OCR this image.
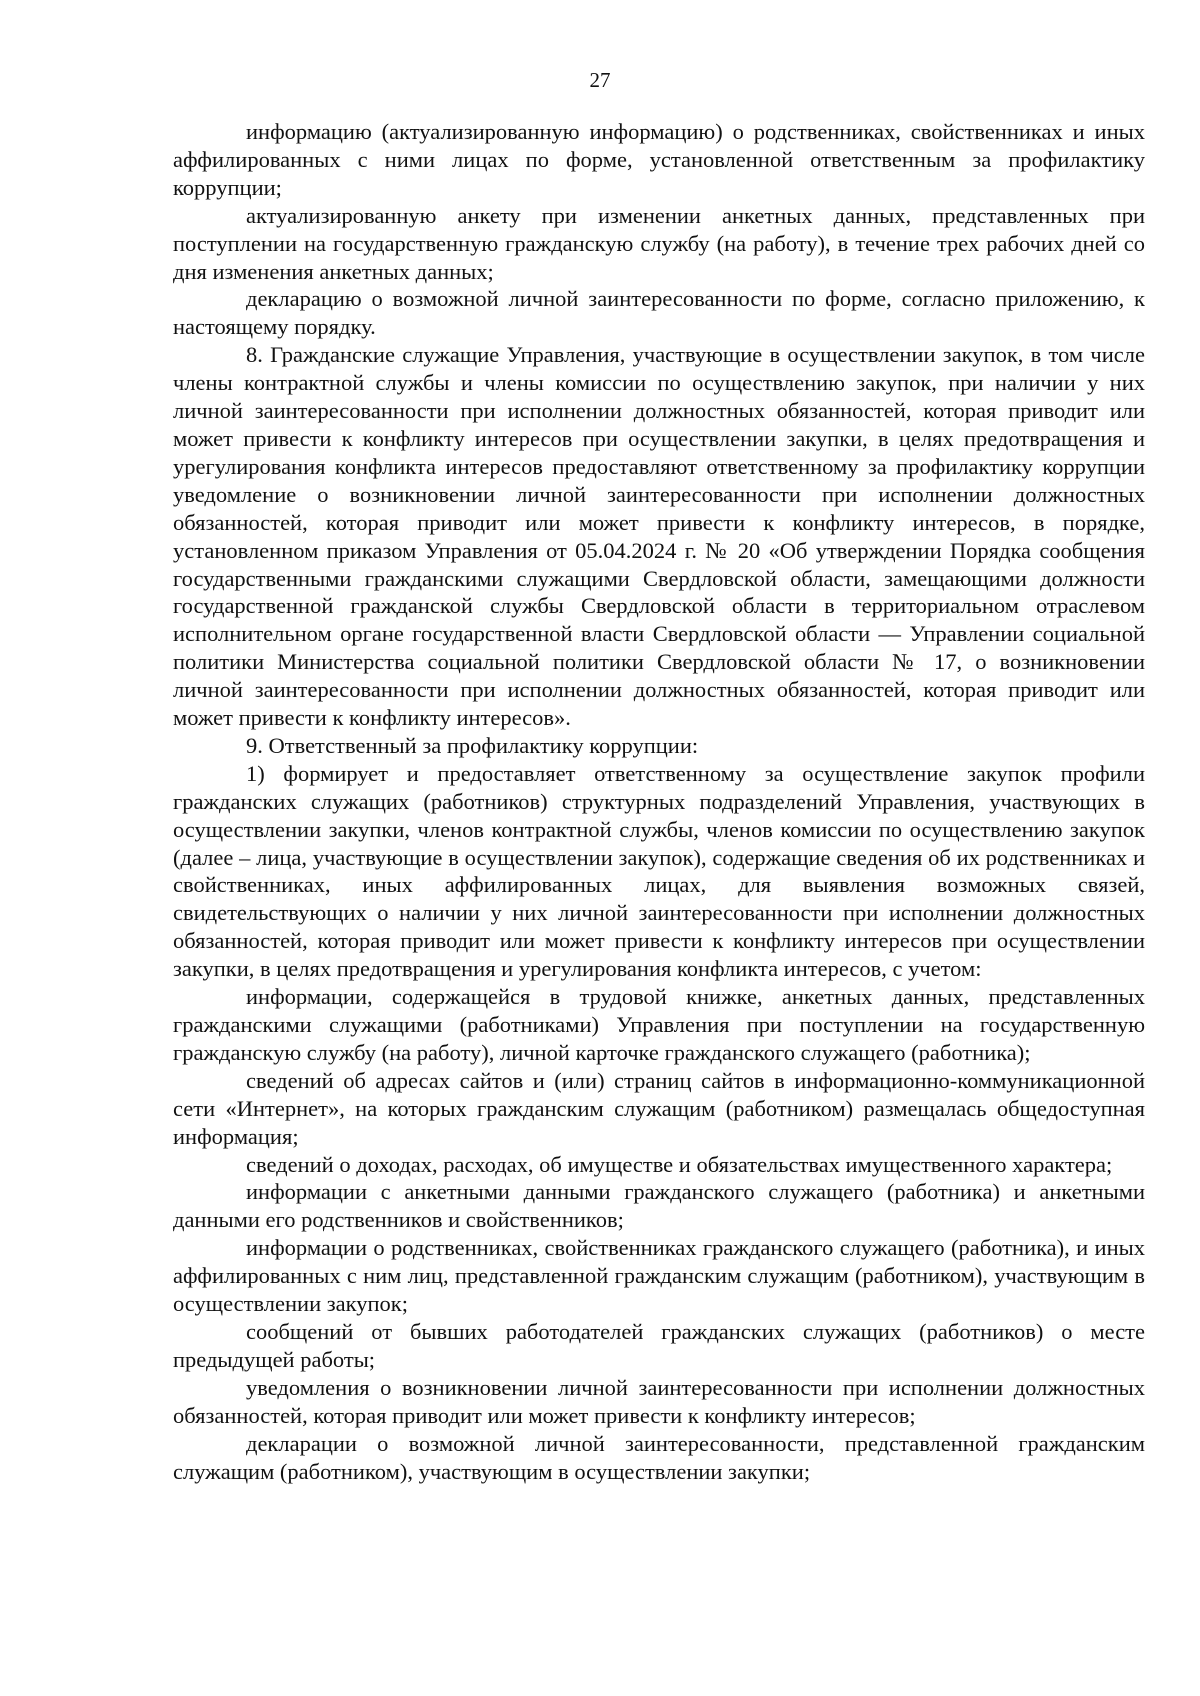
27

информацию (актуализированную информацию) о родственниках, свойственниках и иных аффилированных с ними лицах по форме, установленной ответственным за профилактику коррупции;

актуализированную анкету при изменении анкетных данных, представленных при поступлении на государственную гражданскую службу (на работу), в течение трех рабочих дней со дня изменения анкетных данных;

декларацию о возможной личной заинтересованности по форме, согласно приложению, к настоящему порядку.

8. Гражданские служащие Управления, участвующие в осуществлении закупок, в том числе члены контрактной службы и члены комиссии по осуществлению закупок, при наличии у них личной заинтересованности при исполнении должностных обязанностей, которая приводит или может привести к конфликту интересов при осуществлении закупки, в целях предотвращения и урегулирования конфликта интересов предоставляют ответственному за профилактику коррупции уведомление о возникновении личной заинтересованности при исполнении должностных обязанностей, которая приводит или может привести к конфликту интересов, в порядке, установленном приказом Управления от 05.04.2024 г. № 20 «Об утверждении Порядка сообщения государственными гражданскими служащими Свердловской области, замещающими должности государственной гражданской службы Свердловской области в территориальном отраслевом исполнительном органе государственной власти Свердловской области — Управлении социальной политики Министерства социальной политики Свердловской области № 17, о возникновении личной заинтересованности при исполнении должностных обязанностей, которая приводит или может привести к конфликту интересов».

9. Ответственный за профилактику коррупции:

1) формирует и предоставляет ответственному за осуществление закупок профили гражданских служащих (работников) структурных подразделений Управления, участвующих в осуществлении закупки, членов контрактной службы, членов комиссии по осуществлению закупок (далее – лица, участвующие в осуществлении закупок), содержащие сведения об их родственниках и свойственниках, иных аффилированных лицах, для выявления возможных связей, свидетельствующих о наличии у них личной заинтересованности при исполнении должностных обязанностей, которая приводит или может привести к конфликту интересов при осуществлении закупки, в целях предотвращения и урегулирования конфликта интересов, с учетом:

информации, содержащейся в трудовой книжке, анкетных данных, представленных гражданскими служащими (работниками) Управления при поступлении на государственную гражданскую службу (на работу), личной карточке гражданского служащего (работника);

сведений об адресах сайтов и (или) страниц сайтов в информационно-коммуникационной сети «Интернет», на которых гражданским служащим (работником) размещалась общедоступная информация;

сведений о доходах, расходах, об имуществе и обязательствах имущественного характера;

информации с анкетными данными гражданского служащего (работника) и анкетными данными его родственников и свойственников;

информации о родственниках, свойственниках гражданского служащего (работника), и иных аффилированных с ним лиц, представленной гражданским служащим (работником), участвующим в осуществлении закупок;

сообщений от бывших работодателей гражданских служащих (работников) о месте предыдущей работы;

уведомления о возникновении личной заинтересованности при исполнении должностных обязанностей, которая приводит или может привести к конфликту интересов;

декларации о возможной личной заинтересованности, представленной гражданским служащим (работником), участвующим в осуществлении закупки;
